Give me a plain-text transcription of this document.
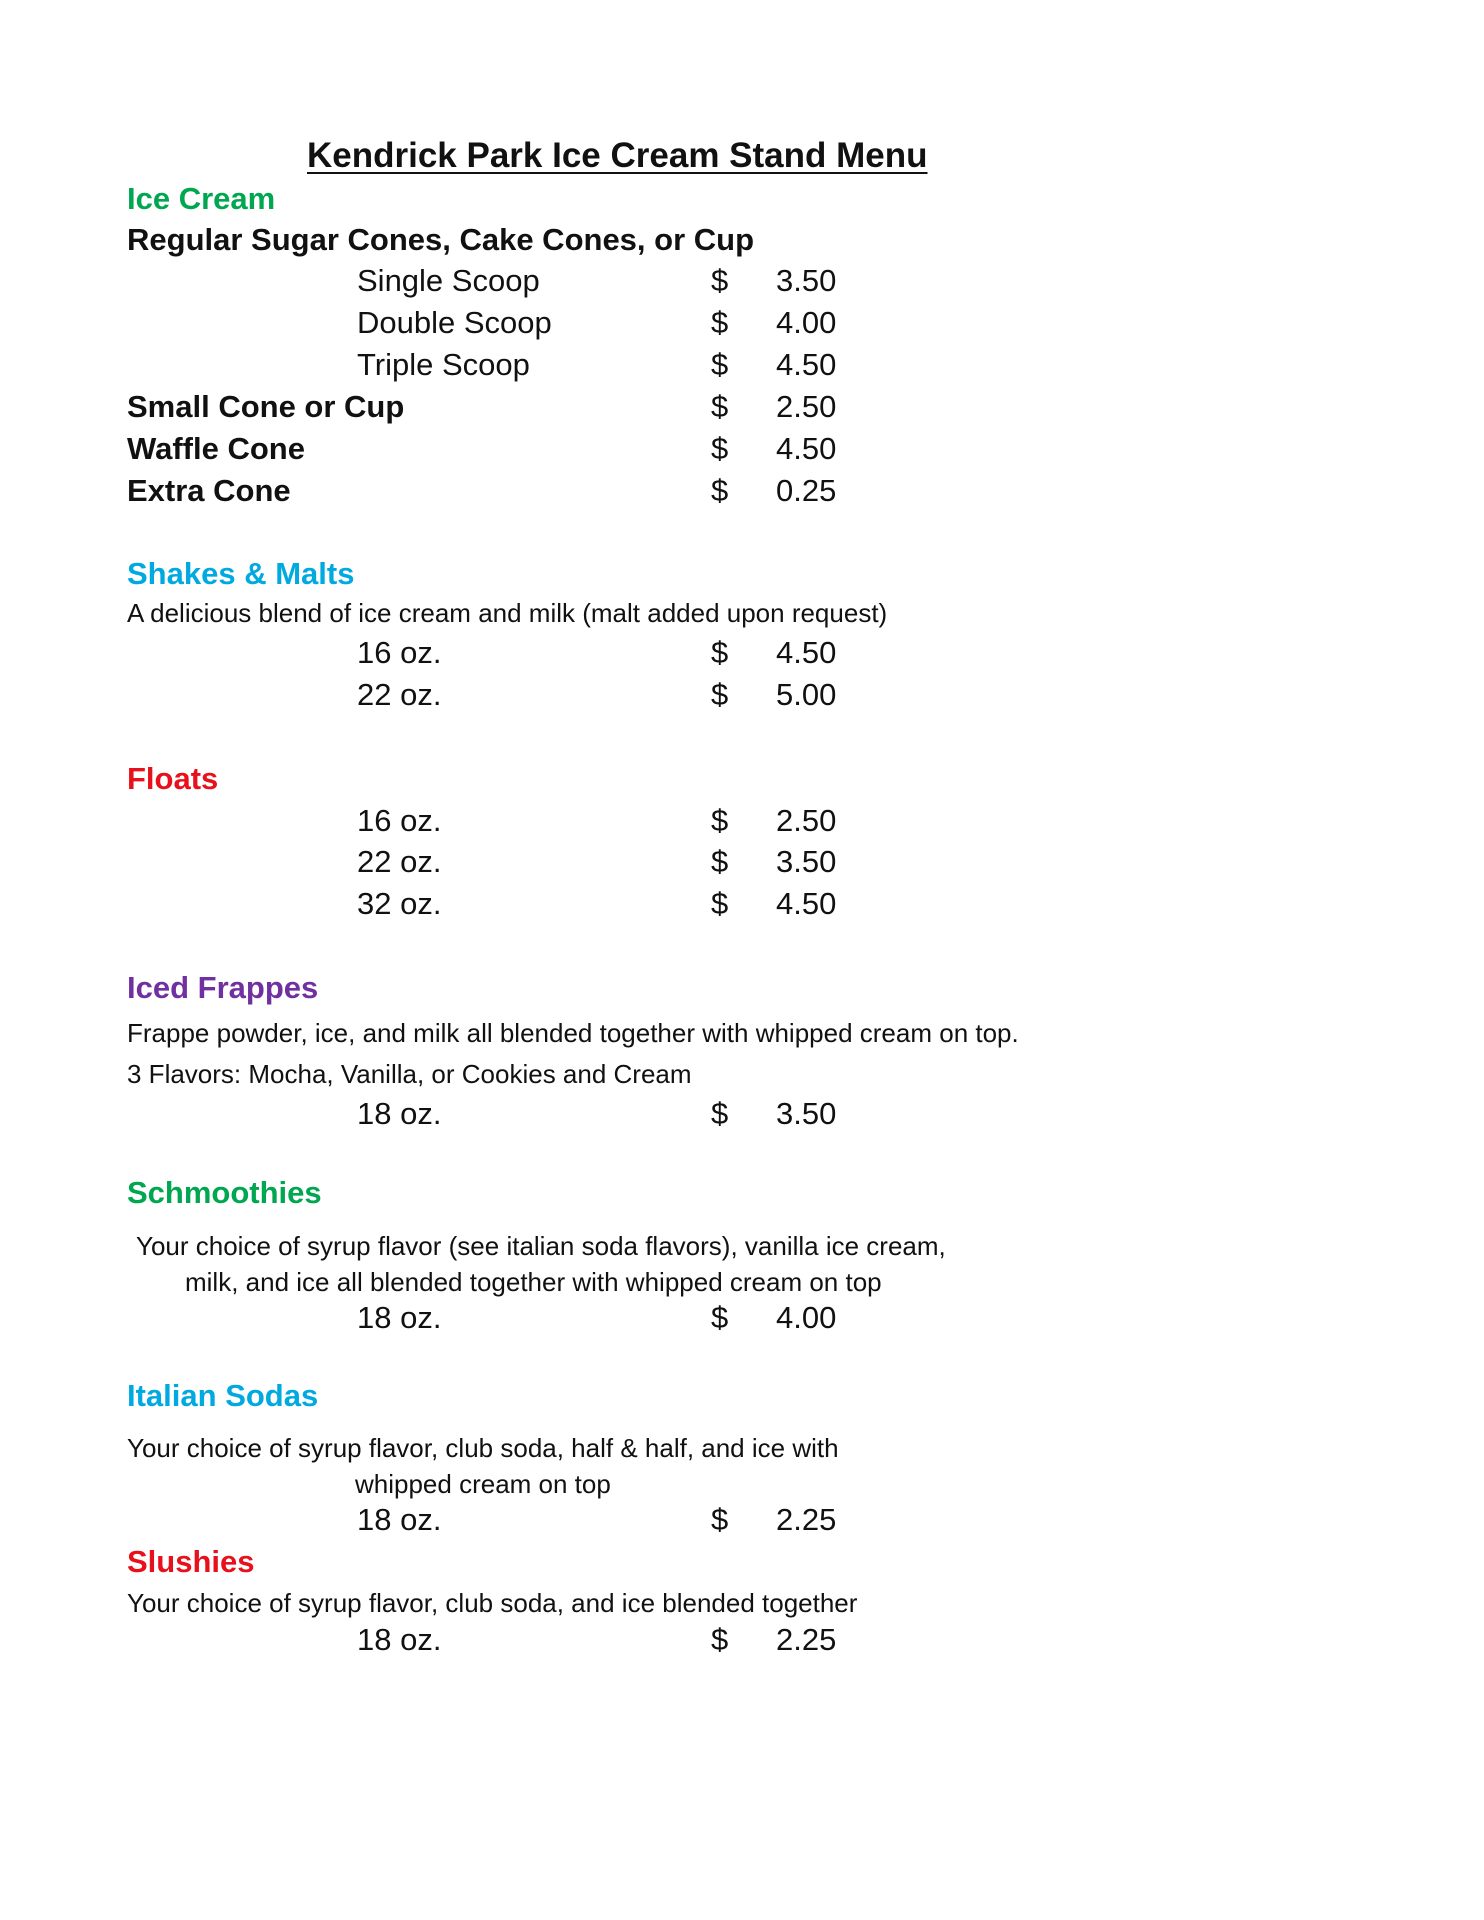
Kendrick Park Ice Cream Stand Menu
Ice Cream
Regular Sugar Cones, Cake Cones, or Cup
Single Scoop	$ 3.50
Double Scoop	$ 4.00
Triple Scoop	$ 4.50
Small Cone or Cup	$ 2.50
Waffle Cone	$ 4.50
Extra Cone	$ 0.25
Shakes & Malts
A delicious blend of ice cream and milk (malt added upon request)
16 oz.	$ 4.50
22 oz.	$ 5.00
Floats
16 oz.	$ 2.50
22 oz.	$ 3.50
32 oz.	$ 4.50
Iced Frappes
Frappe powder, ice, and milk all blended together with whipped cream on top.
3 Flavors: Mocha, Vanilla, or Cookies and Cream
18 oz.	$ 3.50
Schmoothies
Your choice of syrup flavor (see italian soda flavors), vanilla ice cream,
milk, and ice all blended together with whipped cream on top
18 oz.	$ 4.00
Italian Sodas
Your choice of syrup flavor, club soda, half & half, and ice with
whipped cream on top
18 oz.	$ 2.25
Slushies
Your choice of syrup flavor, club soda, and ice blended together
18 oz.	$ 2.25
